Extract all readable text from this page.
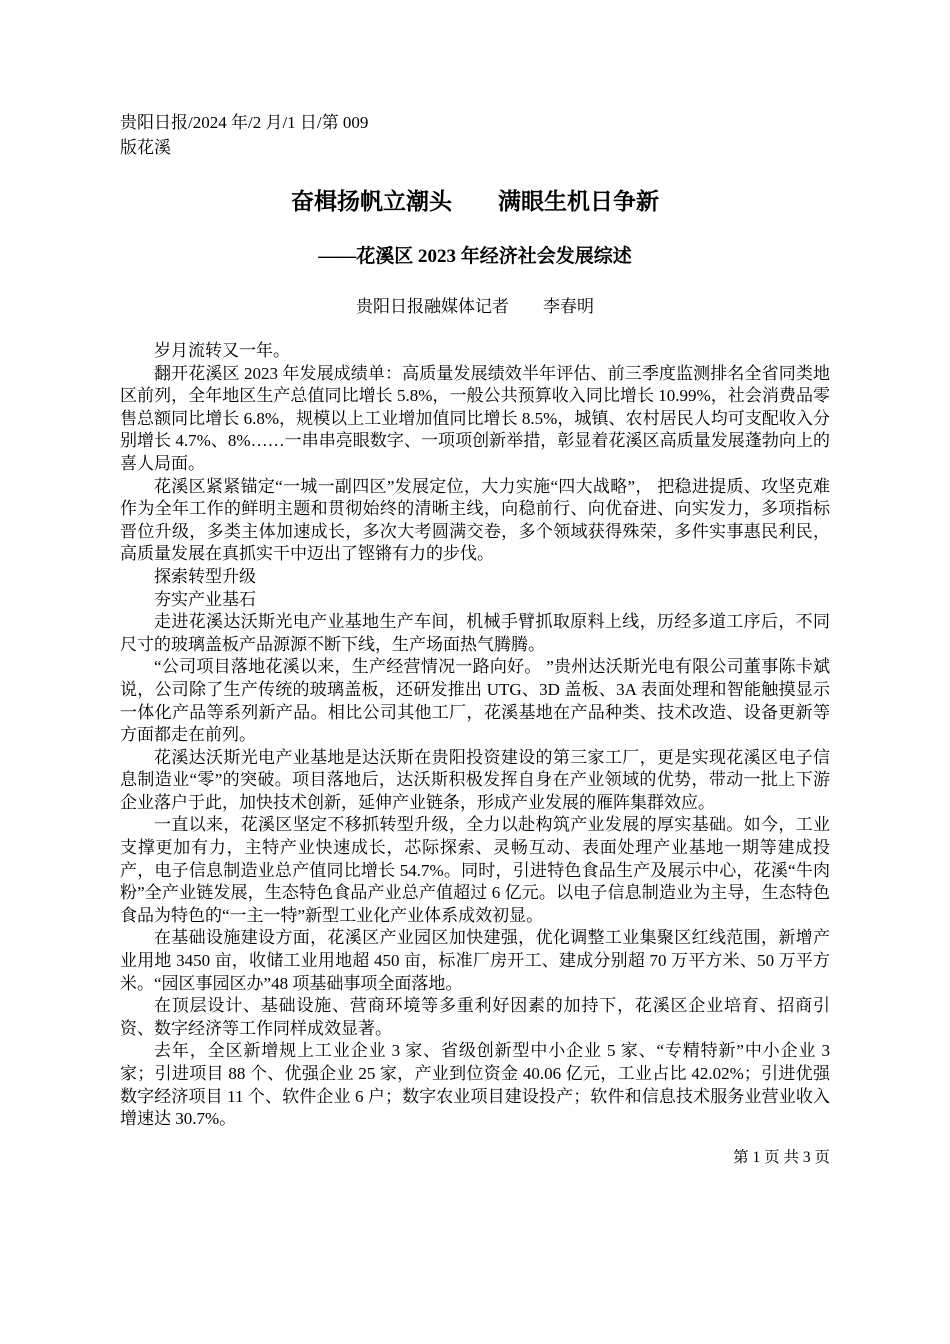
贵阳日报/2024 年/2 月/1 日/第 009
版花溪
奋楫扬帆立潮头　　满眼生机日争新
——花溪区 2023 年经济社会发展综述
贵阳日报融媒体记者　　李春明

岁月流转又一年。

翻开花溪区 2023 年发展成绩单：高质量发展绩效半年评估、前三季度监测排名全省同类地区前列，全年地区生产总值同比增长 5.8%，一般公共预算收入同比增长 10.99%，社会消费品零售总额同比增长 6.8%，规模以上工业增加值同比增长 8.5%，城镇、农村居民人均可支配收入分别增长 4.7%、8%……一串串亮眼数字、一项项创新举措，彰显着花溪区高质量发展蓬勃向上的喜人局面。

花溪区紧紧锚定“一城一副四区”发展定位，大力实施“四大战略”， 把稳进提质、攻坚克难作为全年工作的鲜明主题和贯彻始终的清晰主线，向稳前行、向优奋进、向实发力，多项指标晋位升级，多类主体加速成长，多次大考圆满交卷，多个领域获得殊荣，多件实事惠民利民，高质量发展在真抓实干中迈出了铿锵有力的步伐。

探索转型升级

夯实产业基石

走进花溪达沃斯光电产业基地生产车间，机械手臂抓取原料上线，历经多道工序后，不同尺寸的玻璃盖板产品源源不断下线，生产场面热气腾腾。

“公司项目落地花溪以来，生产经营情况一路向好。 ”贵州达沃斯光电有限公司董事陈卡斌说，公司除了生产传统的玻璃盖板，还研发推出 UTG、3D 盖板、3A 表面处理和智能触摸显示一体化产品等系列新产品。相比公司其他工厂，花溪基地在产品种类、技术改造、设备更新等方面都走在前列。

花溪达沃斯光电产业基地是达沃斯在贵阳投资建设的第三家工厂，更是实现花溪区电子信息制造业“零”的突破。项目落地后，达沃斯积极发挥自身在产业领域的优势，带动一批上下游企业落户于此，加快技术创新，延伸产业链条，形成产业发展的雁阵集群效应。

一直以来，花溪区坚定不移抓转型升级，全力以赴构筑产业发展的厚实基础。如今，工业支撑更加有力，主特产业快速成长，芯际探索、灵畅互动、表面处理产业基地一期等建成投产，电子信息制造业总产值同比增长 54.7%。同时，引进特色食品生产及展示中心，花溪“牛肉粉”全产业链发展，生态特色食品产业总产值超过 6 亿元。以电子信息制造业为主导，生态特色食品为特色的“一主一特”新型工业化产业体系成效初显。

在基础设施建设方面，花溪区产业园区加快建强，优化调整工业集聚区红线范围，新增产业用地 3450 亩，收储工业用地超 450 亩，标准厂房开工、建成分别超 70 万平方米、50 万平方米。“园区事园区办”48 项基础事项全面落地。

在顶层设计、基础设施、营商环境等多重利好因素的加持下，花溪区企业培育、招商引资、数字经济等工作同样成效显著。

去年，全区新增规上工业企业 3 家、省级创新型中小企业 5 家、“专精特新”中小企业 3 家；引进项目 88 个、优强企业 25 家，产业到位资金 40.06 亿元，工业占比 42.02%；引进优强数字经济项目 11 个、软件企业 6 户；数字农业项目建设投产；软件和信息技术服务业营业收入增速达 30.7%。

第 1 页 共 3 页
